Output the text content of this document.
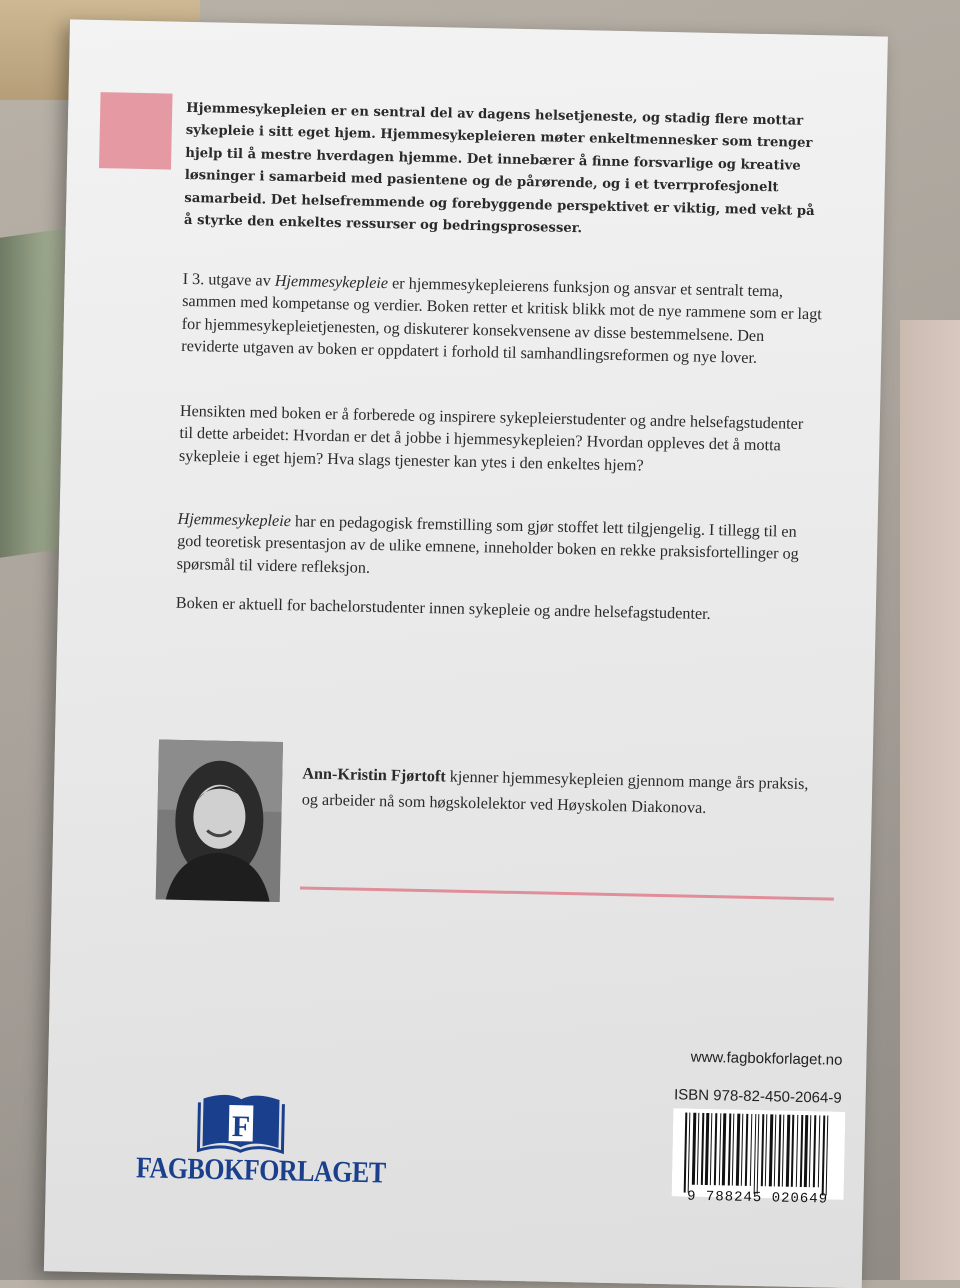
Hjemmesykepleien er en sentral del av dagens helsetjeneste, og stadig flere mottar sykepleie i sitt eget hjem. Hjemmesykepleieren møter enkeltmennesker som trenger hjelp til å mestre hverdagen hjemme. Det innebærer å finne forsvarlige og kreative løsninger i samarbeid med pasientene og de pårørende, og i et tverrprofesjonelt samarbeid. Det helsefremmende og forebyggende perspektivet er viktig, med vekt på å styrke den enkeltes ressurser og bedringsprosesser.

I 3. utgave av Hjemmesykepleie er hjemmesykepleierens funksjon og ansvar et sentralt tema, sammen med kompetanse og verdier. Boken retter et kritisk blikk mot de nye rammene som er lagt for hjemmesykepleietjenesten, og diskuterer konsekvensene av disse bestemmelsene. Den reviderte utgaven av boken er oppdatert i forhold til samhandlingsreformen og nye lover.

Hensikten med boken er å forberede og inspirere sykepleierstudenter og andre helsefagstudenter til dette arbeidet: Hvordan er det å jobbe i hjemmesykepleien? Hvordan oppleves det å motta sykepleie i eget hjem? Hva slags tjenester kan ytes i den enkeltes hjem?

Hjemmesykepleie har en pedagogisk fremstilling som gjør stoffet lett tilgjengelig. I tillegg til en god teoretisk presentasjon av de ulike emnene, inneholder boken en rekke praksisfortellinger og spørsmål til videre refleksjon.

Boken er aktuell for bachelorstudenter innen sykepleie og andre helsefagstudenter.

Ann-Kristin Fjørtoft kjenner hjemmesykepleien gjennom mange års praksis, og arbeider nå som høgskolelektor ved Høyskolen Diakonova.
F
FAGBOKFORLAGET
www.fagbokforlaget.no
ISBN 978-82-450-2064-9
9 788245 020649
